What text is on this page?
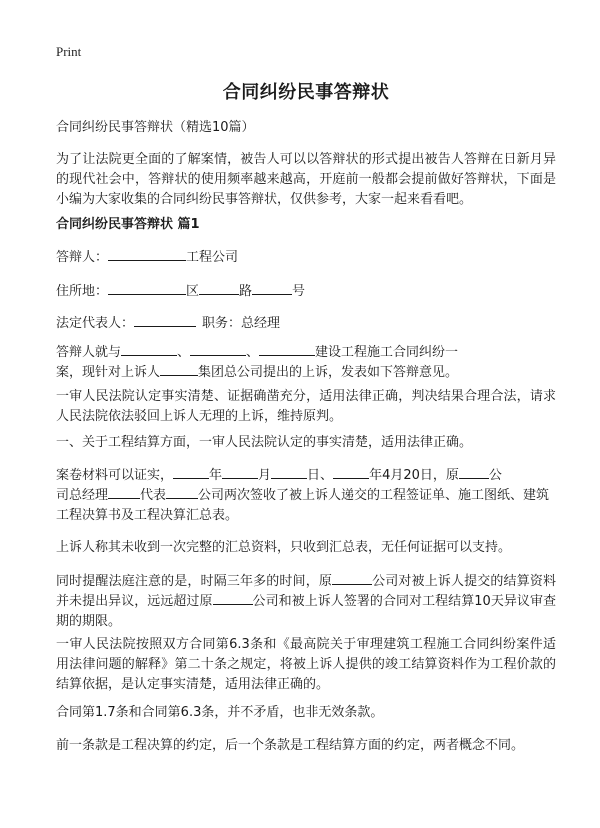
Print
合同纠纷民事答辩状

合同纠纷民事答辩状（精选10篇）

为了让法院更全面的了解案情，被告人可以以答辩状的形式提出被告人答辩在日新月异的现代社会中，答辩状的使用频率越来越高，开庭前一般都会提前做好答辩状，下面是小编为大家收集的合同纠纷民事答辩状，仅供参考，大家一起来看看吧。

合同纠纷民事答辩状 篇1

答辩人：	工程公司

住所地：	区	路	号

法定代表人：	职务：总经理

答辩人就与	、	、	建设工程施工合同纠纷一
案，现针对上诉人	集团总公司提出的上诉，发表如下答辩意见。

一审人民法院认定事实清楚、证据确凿充分，适用法律正确，判决结果合理合法，请求人民法院依法驳回上诉人无理的上诉，维持原判。

一、关于工程结算方面，一审人民法院认定的事实清楚，适用法律正确。

案卷材料可以证实，	年	月	日、	年4月20日，原 公
司总经理 代表 公司两次签收了被上诉人递交的工程签证单、施工图纸、建筑工程决算书及工程决算汇总表。

上诉人称其未收到一次完整的汇总资料，只收到汇总表，无任何证据可以支持。

同时提醒法庭注意的是，时隔三年多的时间，原	公司对被上诉人提交的结算资料并未提出异议，远远超过原	公司和被上诉人签署的合同对工程结算10天异议审查期的期限。

一审人民法院按照双方合同第6.3条和《最高院关于审理建筑工程施工合同纠纷案件适用法律问题的解释》第二十条之规定，将被上诉人提供的竣工结算资料作为工程价款的结算依据，是认定事实清楚，适用法律正确的。

合同第1.7条和合同第6.3条，并不矛盾，也非无效条款。

前一条款是工程决算的约定，后一个条款是工程结算方面的约定，两者概念不同。
